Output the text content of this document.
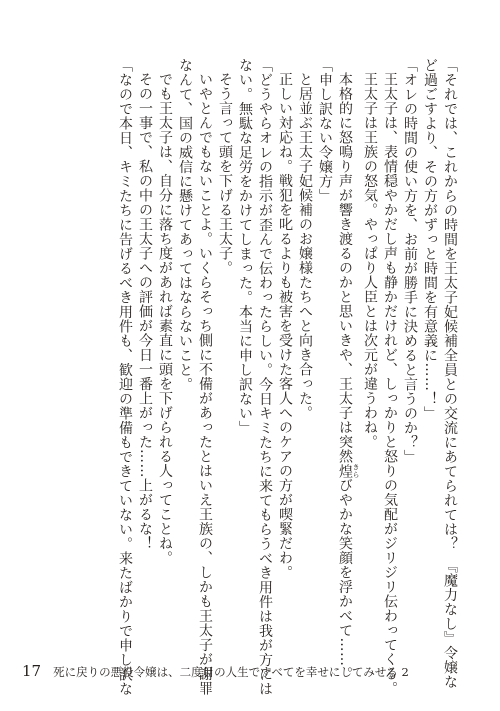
「それでは、これからの時間を王太子妃候補全員との交流にあてられては？　『魔力なし』令嬢な
ど過ごすより、その方がずっと時間を有意義に……！」
「オレの時間の使い方を、お前が勝手に決めると言うのか？」
王太子は、表情穏やかだし声も静かだけれど、しっかりと怒りの気配がジリジリ伝わってくる。
王太子は王族の怒気。やっぱり人臣とは次元が違うわね。
本格的に怒鳴り声が響き渡るのかと思いきや、王太子は突然煌 きらびやかな笑顔を浮かべて……。
「申し訳ない令嬢方」
と居並ぶ王太子妃候補のお嬢様たちへと向き合った。
正しい対応ね。戦犯を叱るよりも被害を受けた客人へのケアの方が喫緊だわ。
「どうやらオレの指示が歪んで伝わったらしい。今日キミたちに来てもらうべき用件は我が方には
ない。無駄な足労をかけてしまった。本当に申し訳ない」
そう言って頭を下げる王太子。
いやとんでもないことよ。いくらそっち側に不備があったとはいえ王族の、しかも王太子が謝罪
なんて、国の威信に懸けてあってはならないこと。
でも王太子は、自分に落ち度があれば素直に頭を下げられる人ってことね。
その一事で、私の中の王太子への評価が今日一番上がった……上がるな！
「なので本日、キミたちに告げるべき用件も、歓迎の準備もできていない。来たばかりで申し訳な
17 死に戻りの悪役令嬢は、二度目の人生ですべてを幸せにしてみせる 2
